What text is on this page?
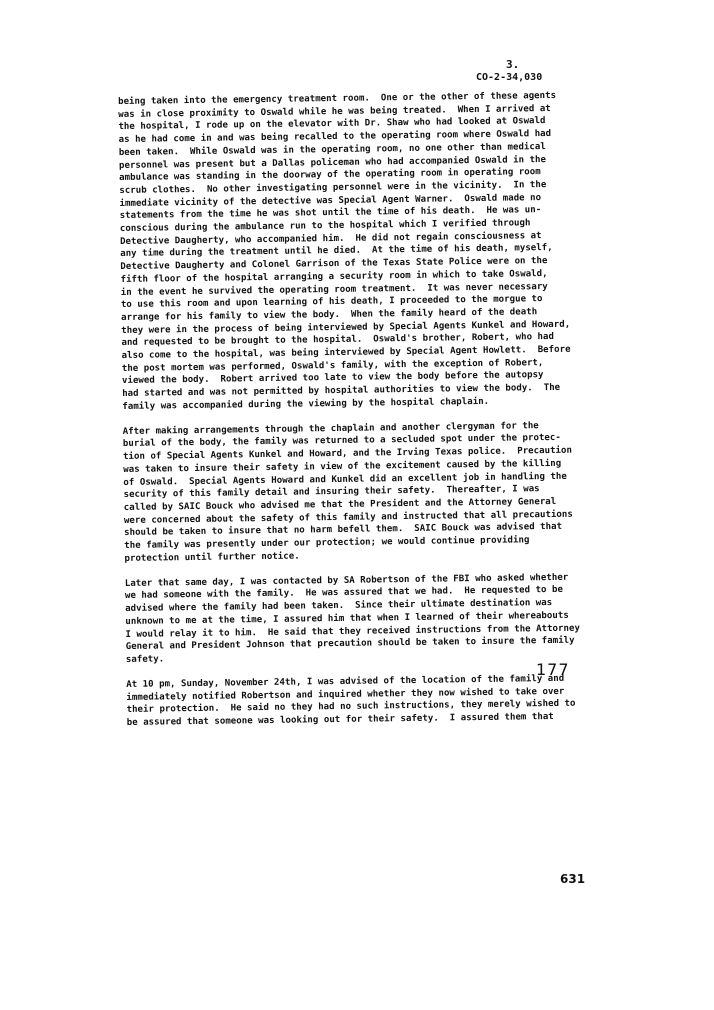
3.
CO-2-34,030
being taken into the emergency treatment room.  One or the other of these agents
was in close proximity to Oswald while he was being treated.  When I arrived at
the hospital, I rode up on the elevator with Dr. Shaw who had looked at Oswald
as he had come in and was being recalled to the operating room where Oswald had
been taken.  While Oswald was in the operating room, no one other than medical
personnel was present but a Dallas policeman who had accompanied Oswald in the
ambulance was standing in the doorway of the operating room in operating room
scrub clothes.  No other investigating personnel were in the vicinity.  In the
immediate vicinity of the detective was Special Agent Warner.  Oswald made no
statements from the time he was shot until the time of his death.  He was un-
conscious during the ambulance run to the hospital which I verified through
Detective Daugherty, who accompanied him.  He did not regain consciousness at
any time during the treatment until he died.  At the time of his death, myself,
Detective Daugherty and Colonel Garrison of the Texas State Police were on the
fifth floor of the hospital arranging a security room in which to take Oswald,
in the event he survived the operating room treatment.  It was never necessary
to use this room and upon learning of his death, I proceeded to the morgue to
arrange for his family to view the body.  When the family heard of the death
they were in the process of being interviewed by Special Agents Kunkel and Howard,
and requested to be brought to the hospital.  Oswald's brother, Robert, who had
also come to the hospital, was being interviewed by Special Agent Howlett.  Before
the post mortem was performed, Oswald's family, with the exception of Robert,
viewed the body.  Robert arrived too late to view the body before the autopsy
had started and was not permitted by hospital authorities to view the body.  The
family was accompanied during the viewing by the hospital chaplain.
After making arrangements through the chaplain and another clergyman for the
burial of the body, the family was returned to a secluded spot under the protec-
tion of Special Agents Kunkel and Howard, and the Irving Texas police.  Precaution
was taken to insure their safety in view of the excitement caused by the killing
of Oswald.  Special Agents Howard and Kunkel did an excellent job in handling the
security of this family detail and insuring their safety.  Thereafter, I was
called by SAIC Bouck who advised me that the President and the Attorney General
were concerned about the safety of this family and instructed that all precautions
should be taken to insure that no harm befell them.  SAIC Bouck was advised that
the family was presently under our protection; we would continue providing
protection until further notice.
Later that same day, I was contacted by SA Robertson of the FBI who asked whether
we had someone with the family.  He was assured that we had.  He requested to be
advised where the family had been taken.  Since their ultimate destination was
unknown to me at the time, I assured him that when I learned of their whereabouts
I would relay it to him.  He said that they received instructions from the Attorney
General and President Johnson that precaution should be taken to insure the family
safety.
At 10 pm, Sunday, November 24th, I was advised of the location of the family and
immediately notified Robertson and inquired whether they now wished to take over
their protection.  He said no they had no such instructions, they merely wished to
be assured that someone was looking out for their safety.  I assured them that
177
631
